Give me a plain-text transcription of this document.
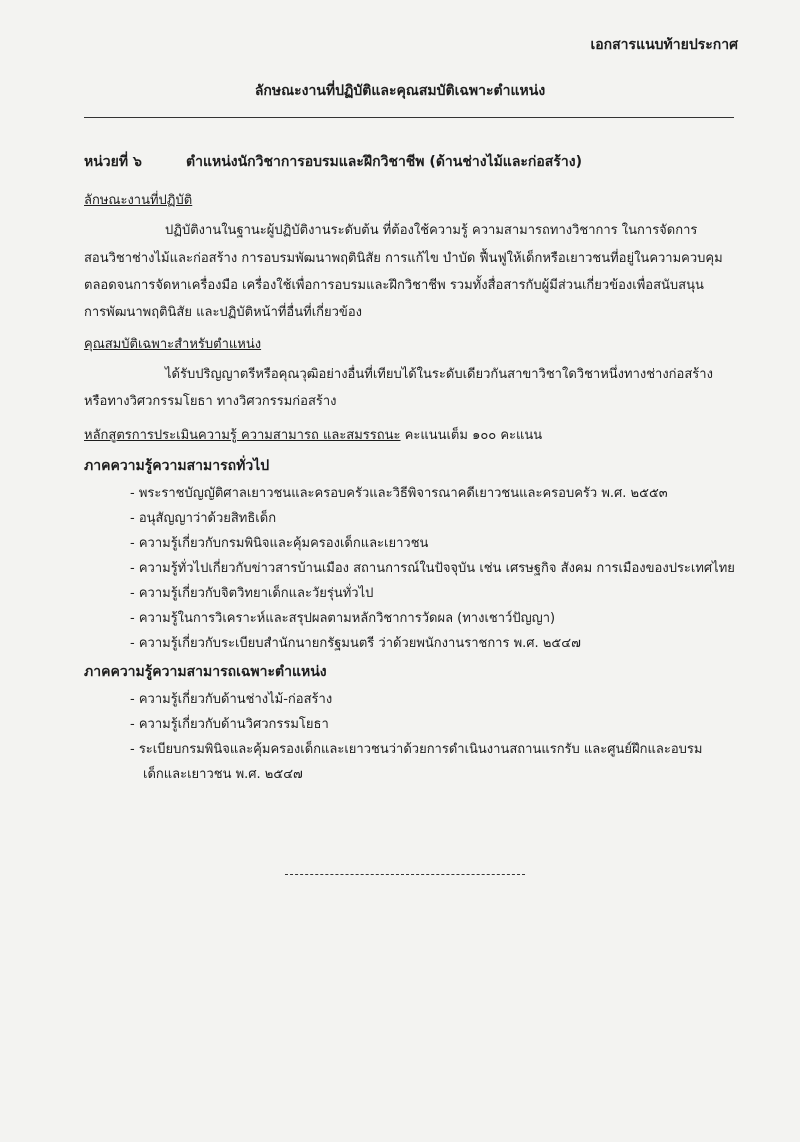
เอกสารแนบท้ายประกาศ
ลักษณะงานที่ปฏิบัติและคุณสมบัติเฉพาะตำแหน่ง
หน่วยที่ ๖	ตำแหน่งนักวิชาการอบรมและฝึกวิชาชีพ (ด้านช่างไม้และก่อสร้าง)
ลักษณะงานที่ปฏิบัติ
ปฏิบัติงานในฐานะผู้ปฏิบัติงานระดับต้น ที่ต้องใช้ความรู้ ความสามารถทางวิชาการ ในการจัดการ
สอนวิชาช่างไม้และก่อสร้าง การอบรมพัฒนาพฤตินิสัย การแก้ไข บำบัด ฟื้นฟูให้เด็กหรือเยาวชนที่อยู่ในความควบคุม
ตลอดจนการจัดหาเครื่องมือ เครื่องใช้เพื่อการอบรมและฝึกวิชาชีพ รวมทั้งสื่อสารกับผู้มีส่วนเกี่ยวข้องเพื่อสนับสนุน
การพัฒนาพฤตินิสัย และปฏิบัติหน้าที่อื่นที่เกี่ยวข้อง
คุณสมบัติเฉพาะสำหรับตำแหน่ง
ได้รับปริญญาตรีหรือคุณวุฒิอย่างอื่นที่เทียบได้ในระดับเดียวกันสาขาวิชาใดวิชาหนึ่งทางช่างก่อสร้าง
หรือทางวิศวกรรมโยธา ทางวิศวกรรมก่อสร้าง
หลักสูตรการประเมินความรู้ ความสามารถ และสมรรถนะ คะแนนเต็ม ๑๐๐ คะแนน
ภาคความรู้ความสามารถทั่วไป
- พระราชบัญญัติศาลเยาวชนและครอบครัวและวิธีพิจารณาคดีเยาวชนและครอบครัว พ.ศ. ๒๕๕๓
- อนุสัญญาว่าด้วยสิทธิเด็ก
- ความรู้เกี่ยวกับกรมพินิจและคุ้มครองเด็กและเยาวชน
- ความรู้ทั่วไปเกี่ยวกับข่าวสารบ้านเมือง สถานการณ์ในปัจจุบัน เช่น เศรษฐกิจ สังคม การเมืองของประเทศไทย
- ความรู้เกี่ยวกับจิตวิทยาเด็กและวัยรุ่นทั่วไป
- ความรู้ในการวิเคราะห์และสรุปผลตามหลักวิชาการวัดผล (ทางเชาว์ปัญญา)
- ความรู้เกี่ยวกับระเบียบสำนักนายกรัฐมนตรี ว่าด้วยพนักงานราชการ พ.ศ. ๒๕๔๗
ภาคความรู้ความสามารถเฉพาะตำแหน่ง
- ความรู้เกี่ยวกับด้านช่างไม้-ก่อสร้าง
- ความรู้เกี่ยวกับด้านวิศวกรรมโยธา
- ระเบียบกรมพินิจและคุ้มครองเด็กและเยาวชนว่าด้วยการดำเนินงานสถานแรกรับ และศูนย์ฝึกและอบรม
เด็กและเยาวชน พ.ศ. ๒๕๔๗
